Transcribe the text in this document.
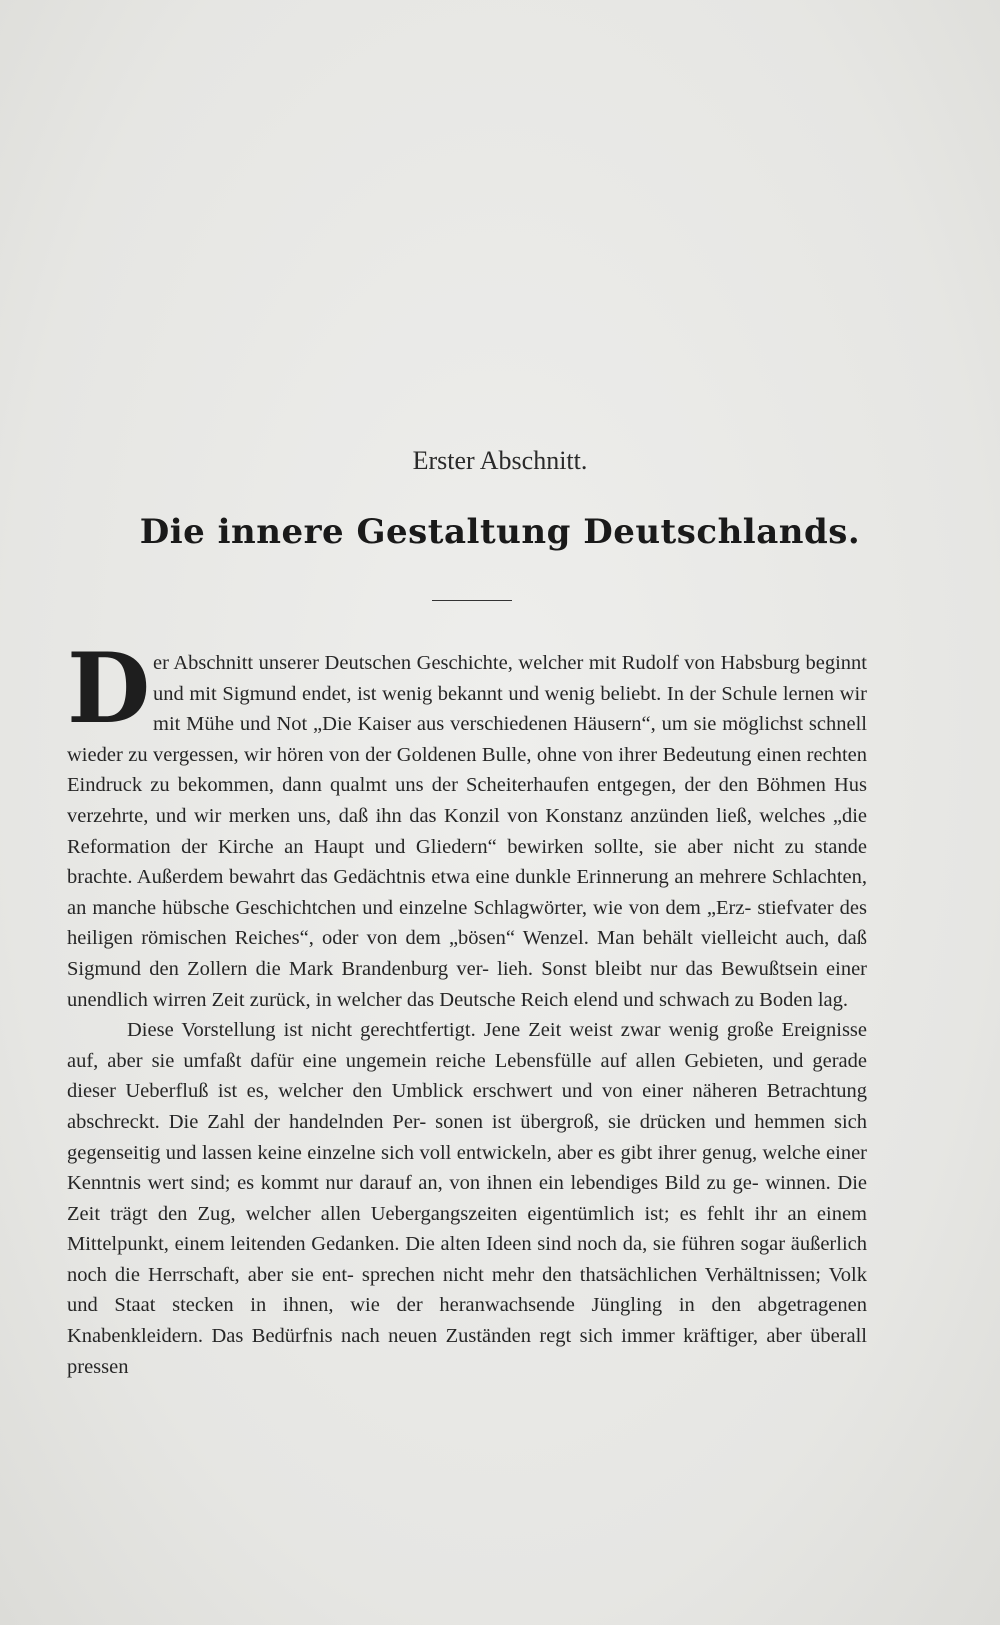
Erster Abschnitt.
Die innere Gestaltung Deutschlands.

Der Abschnitt unserer Deutschen Geschichte, welcher mit Rudolf von Habsburg beginnt und mit Sigmund endet, ist wenig bekannt und wenig beliebt. In der Schule lernen wir mit Mühe und Not „Die Kaiser aus verschiedenen Häusern“, um sie möglichst schnell wieder zu vergessen, wir hören von der Goldenen Bulle, ohne von ihrer Bedeutung einen rechten Eindruck zu bekommen, dann qualmt uns der Scheiterhaufen entgegen, der den Böhmen Hus verzehrte, und wir merken uns, daß ihn das Konzil von Konstanz anzünden ließ, welches „die Reformation der Kirche an Haupt und Gliedern“ bewirken sollte, sie aber nicht zu stande brachte. Außerdem bewahrt das Gedächtnis etwa eine dunkle Erinnerung an mehrere Schlachten, an manche hübsche Geschichtchen und einzelne Schlagwörter, wie von dem „Erz- stiefvater des heiligen römischen Reiches“, oder von dem „bösen“ Wenzel. Man behält vielleicht auch, daß Sigmund den Zollern die Mark Brandenburg ver- lieh. Sonst bleibt nur das Bewußtsein einer unendlich wirren Zeit zurück, in welcher das Deutsche Reich elend und schwach zu Boden lag.

Diese Vorstellung ist nicht gerechtfertigt. Jene Zeit weist zwar wenig große Ereignisse auf, aber sie umfaßt dafür eine ungemein reiche Lebensfülle auf allen Gebieten, und gerade dieser Ueberfluß ist es, welcher den Umblick erschwert und von einer näheren Betrachtung abschreckt. Die Zahl der handelnden Per- sonen ist übergroß, sie drücken und hemmen sich gegenseitig und lassen keine einzelne sich voll entwickeln, aber es gibt ihrer genug, welche einer Kenntnis wert sind; es kommt nur darauf an, von ihnen ein lebendiges Bild zu ge- winnen. Die Zeit trägt den Zug, welcher allen Uebergangszeiten eigentümlich ist; es fehlt ihr an einem Mittelpunkt, einem leitenden Gedanken. Die alten Ideen sind noch da, sie führen sogar äußerlich noch die Herrschaft, aber sie ent- sprechen nicht mehr den thatsächlichen Verhältnissen; Volk und Staat stecken in ihnen, wie der heranwachsende Jüngling in den abgetragenen Knabenkleidern. Das Bedürfnis nach neuen Zuständen regt sich immer kräftiger, aber überall pressen
